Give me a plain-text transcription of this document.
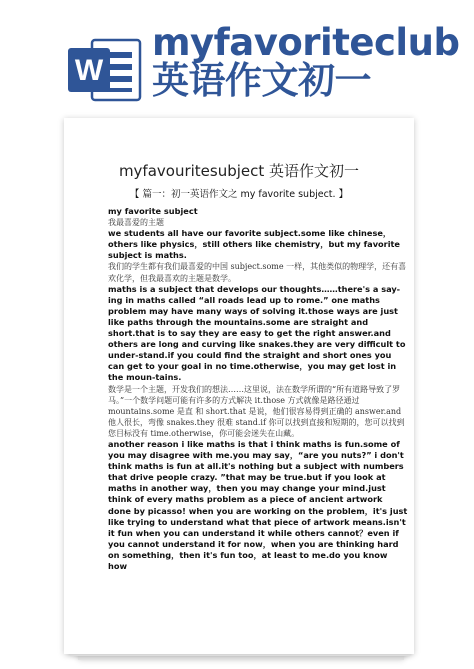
W
myfavoriteclub英语作文初一
myfavouritesubject 英语作文初一
【 篇一：初一英语作文之 my favorite subject. 】

my favorite subject

我最喜爱的主题

we students all have our favorite subject.some like chinese，others like physics，still others like chemistry，but my favorite subject is maths.

我们的学生都有我们最喜爱的中国 subject.some 一样，其他类似的物理学，还有喜欢化学，但我最喜欢的主题是数学。

maths is a subject that develops our thoughts……there's a say-ing in maths called “all roads lead up to rome.” one maths problem may have many ways of solving it.those ways are just like paths through the mountains.some are straight and short.that is to say they are easy to get the right answer.and others are long and curving like snakes.they are very difficult to under-stand.if you could find the straight and short ones you can get to your goal in no time.otherwise，you may get lost in the moun-tains.

数学是一个主题，开发我们的想法……这里说，法在数学所谓的“所有道路导致了罗马。”一个数学问题可能有许多的方式解决 it.those 方式就像是路径通过 mountains.some 是直 和 short.that 是说，他们很容易得到正确的 answer.and 他人很长，弯像 snakes.they 很难 stand.if 你可以找到直接和短期的，您可以找到您目标没有 time.otherwise，你可能会迷失在山藏。

another reason i like maths is that i think maths is fun.some of you may disagree with me.you may say，“are you nuts?” i don't think maths is fun at all.it's nothing but a subject with numbers that drive people crazy. ”that may be true.but if you look at maths in another way，then you may change your mind.just think of every maths problem as a piece of ancient artwork done by picasso! when you are working on the problem，it's just like trying to understand what that piece of artwork means.isn't it fun when you can understand it while others cannot？even if you cannot understand it for now，when you are thinking hard on something，then it's fun too，at least to me.do you know how
